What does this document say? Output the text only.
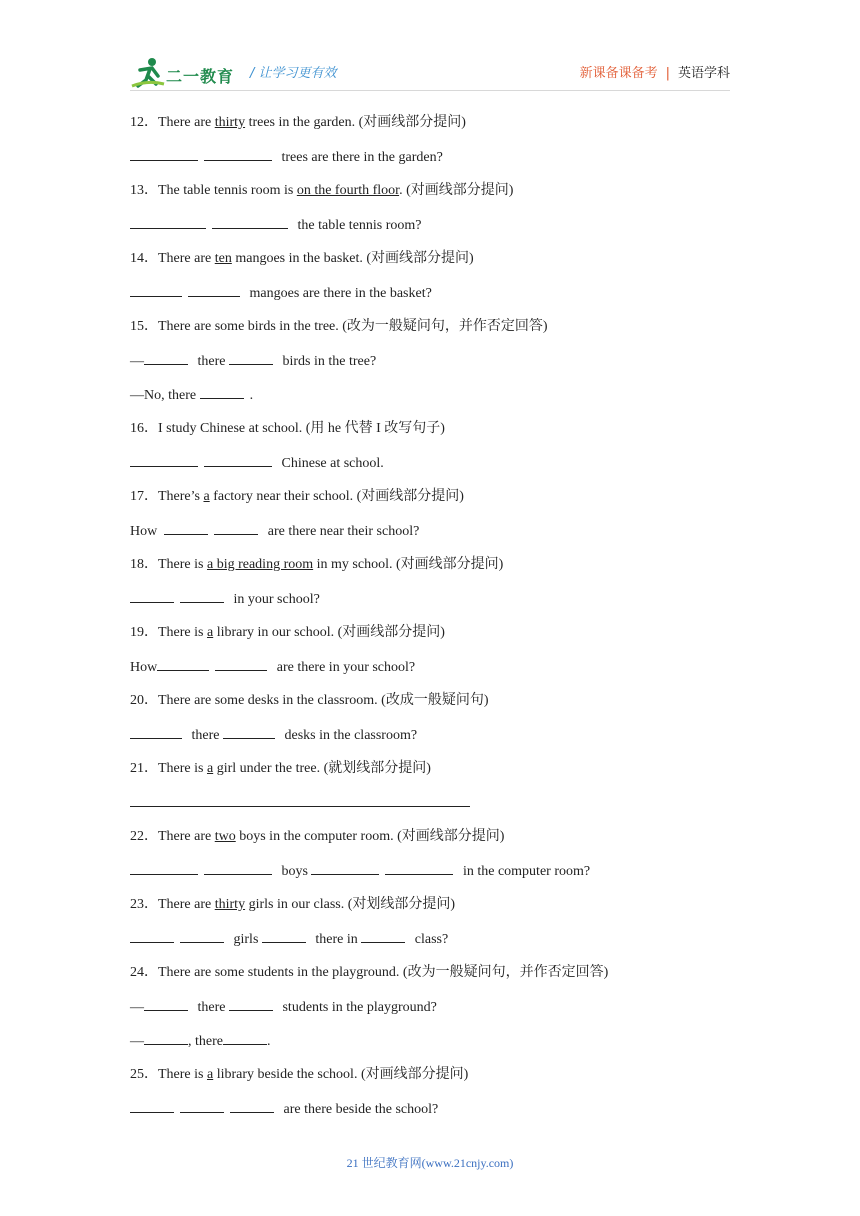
二一教育 / 让学习更有效	新课备课备考 | 英语学科
12．There are thirty trees in the garden. (对画线部分提问)
trees are there in the garden?
13．The table tennis room is on the fourth floor. (对画线部分提问)
the table tennis room?
14．There are ten mangoes in the basket. (对画线部分提问)
mangoes are there in the basket?
15．There are some birds in the tree. (改为一般疑问句，并作否定回答)
—	there	birds in the tree?
—No, there	.
16．I study Chinese at school. (用 he 代替 I 改写句子)
Chinese at school.
17．There’s a factory near their school. (对画线部分提问)
How	are there near their school?
18．There is a big reading room in my school. (对画线部分提问)
in your school?
19．There is a library in our school. (对画线部分提问)
How	are there in your school?
20．There are some desks in the classroom. (改成一般疑问句)
there	desks in the classroom?
21．There is a girl under the tree. (就划线部分提问)
22．There are two boys in the computer room. (对画线部分提问)
boys	in the computer room?
23．There are thirty girls in our class. (对划线部分提问)
girls	there in	class?
24．There are some students in the playground. (改为一般疑问句，并作否定回答)
—	there	students in the playground?
—	, there	.
25．There is a library beside the school. (对画线部分提问)
are there beside the school?
21 世纪教育网(www.21cnjy.com)
